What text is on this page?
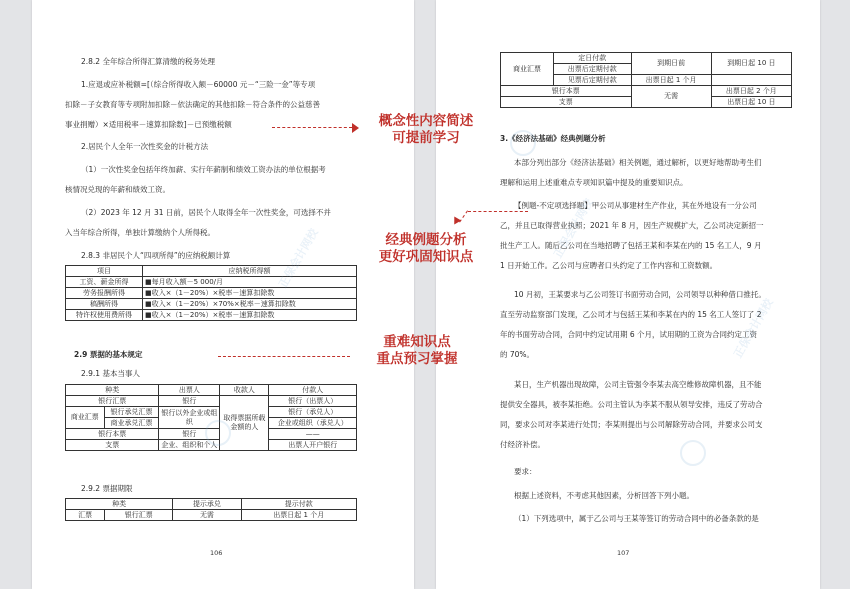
2.8.2 全年综合所得汇算清缴的税务处理
1.应退或应补税额=[（综合所得收入额－60000 元－“三险一金”等专项
扣除－子女教育等专项附加扣除－依法确定的其他扣除－符合条件的公益慈善
事业捐赠）×适用税率－速算扣除数]－已预缴税额
2.居民个人全年一次性奖金的计税方法
（1）一次性奖金包括年终加薪、实行年薪制和绩效工资办法的单位根据考
核情况兑现的年薪和绩效工资。
（2）2023 年 12 月 31 日前，居民个人取得全年一次性奖金，可选择不并
入当年综合所得，单独计算缴纳个人所得税。
2.8.3 非居民个人“四项所得”的应纳税额计算
项目	应纳税所得额
工资、薪金所得	■每月收入额－5 000/月
劳务报酬所得	■收入×（1－20%）×税率－速算扣除数
稿酬所得	■收入×（1－20%）×70%×税率－速算扣除数
特许权使用费所得	■收入×（1－20%）×税率－速算扣除数
2.9 票据的基本规定
2.9.1 基本当事人
种类		出票人	收款人	付款人
银行汇票		银行	取得票据所载金额的人	银行（出票人）
商业汇票	银行承兑汇票	银行以外企业或组织		银行（承兑人）
	商业承兑汇票			企业或组织（承兑人）
银行本票		银行		——
支票		企业、组织和个人		出票人开户银行
2.9.2 票据期限
种类		提示承兑	提示付款
汇票	银行汇票	无需	出票日起 1 个月
106
商业汇票	定日付款	到期日前	到期日起 10 日
	出票后定期付款		
	见票后定期付款	出票日起 1 个月	
银行本票		无需	出票日起 2 个月
支票			出票日起 10 日
3.《经济法基础》经典例题分析
本部分列出部分《经济法基础》相关例题，通过解析，以更好地帮助考生们
理解和运用上述重难点专项知识篇中提及的重要知识点。
【例题-不定项选择题】甲公司从事建材生产作业，其在外地设有一分公司
乙，并且已取得营业执照；2021 年 8 月，因生产规模扩大，乙公司决定新招一
批生产工人。随后乙公司在当地招聘了包括王某和李某在内的 15 名工人，9 月
1 日开始工作。乙公司与应聘者口头约定了工作内容和工资数额。
10 月初，王某要求与乙公司签订书面劳动合同，公司领导以种种借口推托。
直至劳动监察部门发现，乙公司才与包括王某和李某在内的 15 名工人签订了 2
年的书面劳动合同，合同中约定试用期 6 个月，试用期的工资为合同约定工资
的 70%。
某日，生产机器出现故障，公司主管强令李某去高空维修故障机器，且不能
提供安全器具，被李某拒绝。公司主管认为李某不服从领导安排，违反了劳动合
同，要求公司对李某进行处罚；李某则提出与公司解除劳动合同，并要求公司支
付经济补偿。
要求：
根据上述资料，不考虑其他因素，分析回答下列小题。
（1）下列选项中，属于乙公司与王某等签订的劳动合同中的必备条款的是
107
正保会计网校	正保会计网校
正保会计网校
概念性内容简述
可提前学习
经典例题分析
更好巩固知识点
重难知识点
重点预习掌握
